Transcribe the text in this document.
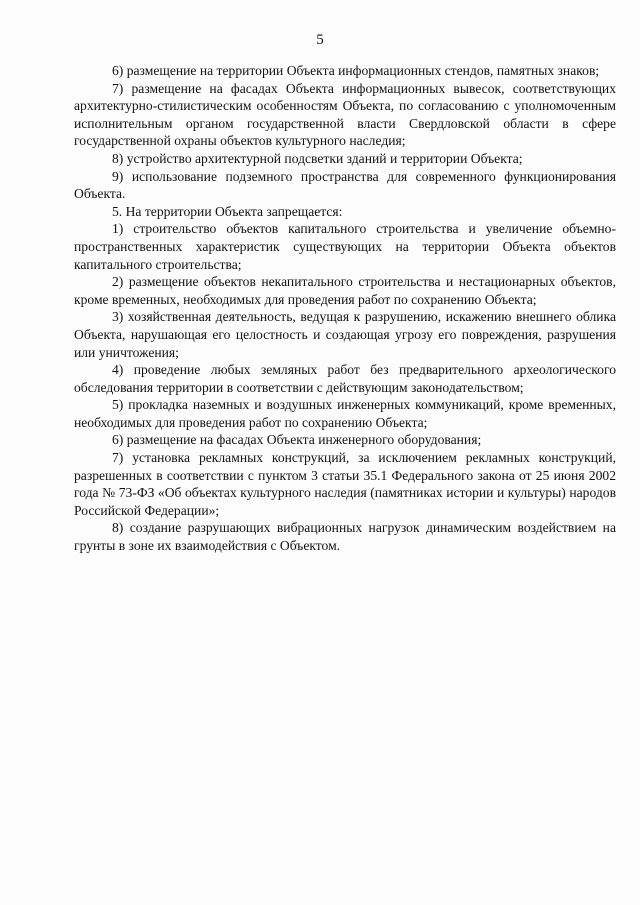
5

6) размещение на территории Объекта информационных стендов, памятных знаков;

7) размещение на фасадах Объекта информационных вывесок, соответствующих архитектурно-стилистическим особенностям Объекта, по согласованию с уполномоченным исполнительным органом государственной власти Свердловской области в сфере государственной охраны объектов культурного наследия;

8) устройство архитектурной подсветки зданий и территории Объекта;

9) использование подземного пространства для современного функционирования Объекта.

5. На территории Объекта запрещается:

1) строительство объектов капитального строительства и увеличение объемно-пространственных характеристик существующих на территории Объекта объектов капитального строительства;

2) размещение объектов некапитального строительства и нестационарных объектов, кроме временных, необходимых для проведения работ по сохранению Объекта;

3) хозяйственная деятельность, ведущая к разрушению, искажению внешнего облика Объекта, нарушающая его целостность и создающая угрозу его повреждения, разрушения или уничтожения;

4) проведение любых земляных работ без предварительного археологического обследования территории в соответствии с действующим законодательством;

5) прокладка наземных и воздушных инженерных коммуникаций, кроме временных, необходимых для проведения работ по сохранению Объекта;

6) размещение на фасадах Объекта инженерного оборудования;

7) установка рекламных конструкций, за исключением рекламных конструкций, разрешенных в соответствии с пунктом 3 статьи 35.1 Федерального закона от 25 июня 2002 года № 73-ФЗ «Об объектах культурного наследия (памятниках истории и культуры) народов Российской Федерации»;

8) создание разрушающих вибрационных нагрузок динамическим воздействием на грунты в зоне их взаимодействия с Объектом.
